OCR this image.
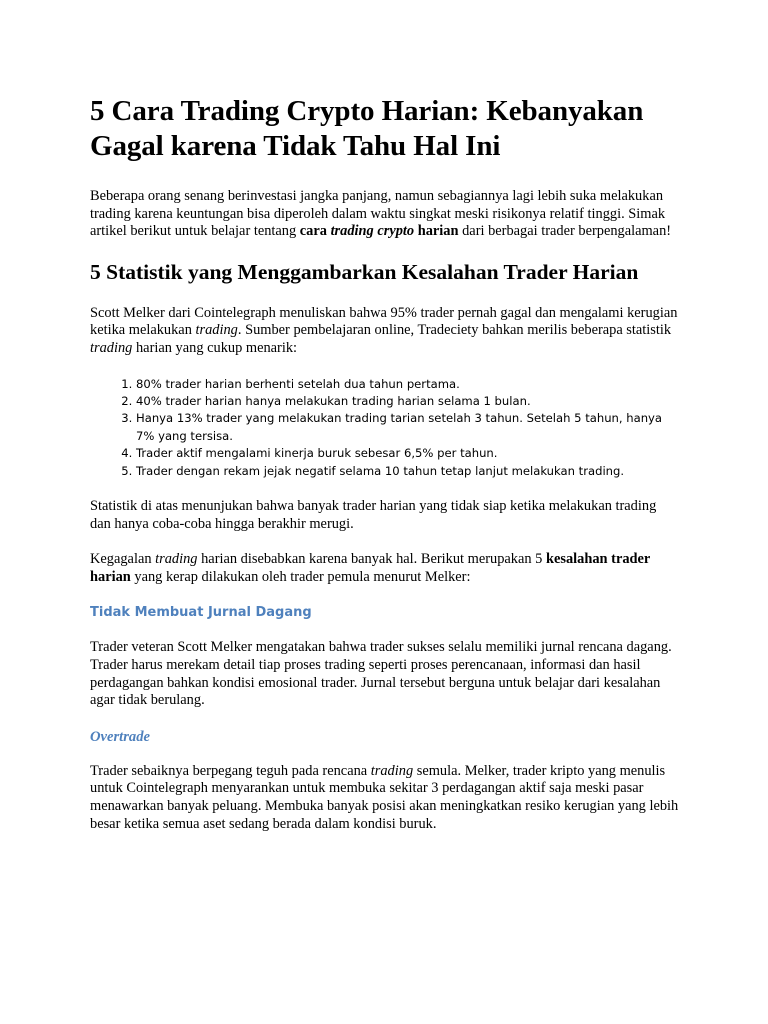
5 Cara Trading Crypto Harian: Kebanyakan Gagal karena Tidak Tahu Hal Ini

Beberapa orang senang berinvestasi jangka panjang, namun sebagiannya lagi lebih suka melakukan trading karena keuntungan bisa diperoleh dalam waktu singkat meski risikonya relatif tinggi. Simak artikel berikut untuk belajar tentang cara trading crypto harian dari berbagai trader berpengalaman!

5 Statistik yang Menggambarkan Kesalahan Trader Harian

Scott Melker dari Cointelegraph menuliskan bahwa 95% trader pernah gagal dan mengalami kerugian ketika melakukan trading. Sumber pembelajaran online, Tradeciety bahkan merilis beberapa statistik trading harian yang cukup menarik:

1. 80% trader harian berhenti setelah dua tahun pertama.
2. 40% trader harian hanya melakukan trading harian selama 1 bulan.
3. Hanya 13% trader yang melakukan trading tarian setelah 3 tahun. Setelah 5 tahun, hanya 7% yang tersisa.
4. Trader aktif mengalami kinerja buruk sebesar 6,5% per tahun.
5. Trader dengan rekam jejak negatif selama 10 tahun tetap lanjut melakukan trading.

Statistik di atas menunjukan bahwa banyak trader harian yang tidak siap ketika melakukan trading dan hanya coba-coba hingga berakhir merugi.

Kegagalan trading harian disebabkan karena banyak hal. Berikut merupakan 5 kesalahan trader harian yang kerap dilakukan oleh trader pemula menurut Melker:

Tidak Membuat Jurnal Dagang

Trader veteran Scott Melker mengatakan bahwa trader sukses selalu memiliki jurnal rencana dagang. Trader harus merekam detail tiap proses trading seperti proses perencanaan, informasi dan hasil perdagangan bahkan kondisi emosional trader. Jurnal tersebut berguna untuk belajar dari kesalahan agar tidak berulang.

Overtrade

Trader sebaiknya berpegang teguh pada rencana trading semula. Melker, trader kripto yang menulis untuk Cointelegraph menyarankan untuk membuka sekitar 3 perdagangan aktif saja meski pasar menawarkan banyak peluang. Membuka banyak posisi akan meningkatkan resiko kerugian yang lebih besar ketika semua aset sedang berada dalam kondisi buruk.
